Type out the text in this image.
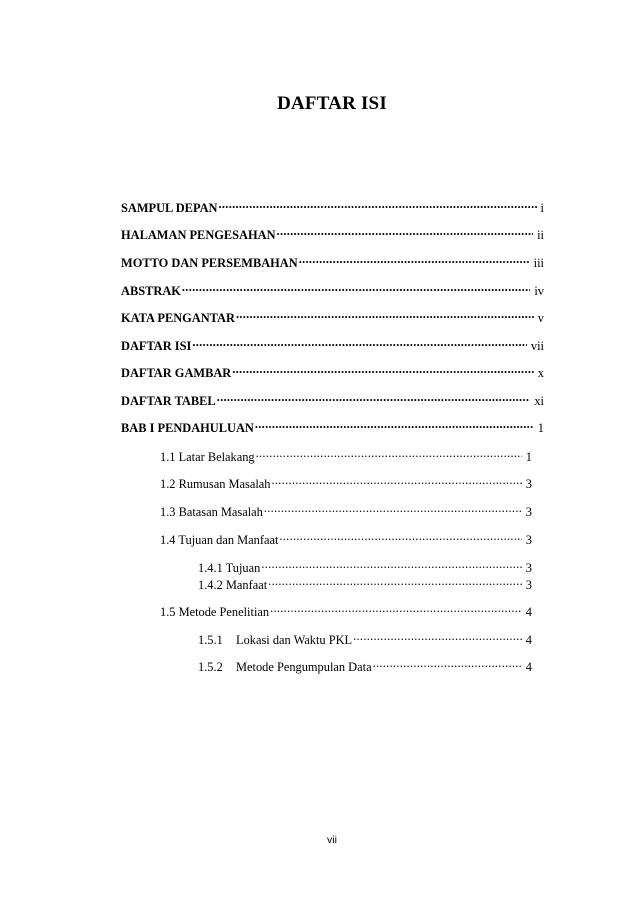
DAFTAR ISI
SAMPUL DEPAN .....	i
HALAMAN PENGESAHAN .....	ii
MOTTO DAN PERSEMBAHAN .....	iii
ABSTRAK .....	iv
KATA PENGANTAR .....	v
DAFTAR ISI .....	vii
DAFTAR GAMBAR .....	x
DAFTAR TABEL .....	xi
BAB I PENDAHULUAN .....	1
1.1 Latar Belakang .....	1
1.2 Rumusan Masalah .....	3
1.3 Batasan Masalah .....	3
1.4 Tujuan dan Manfaat .....	3
1.4.1 Tujuan .....	3
1.4.2 Manfaat .....	3
1.5 Metode Penelitian .....	4
1.5.1 Lokasi dan Waktu PKL .....	4
1.5.2 Metode Pengumpulan Data .....	4
vii
